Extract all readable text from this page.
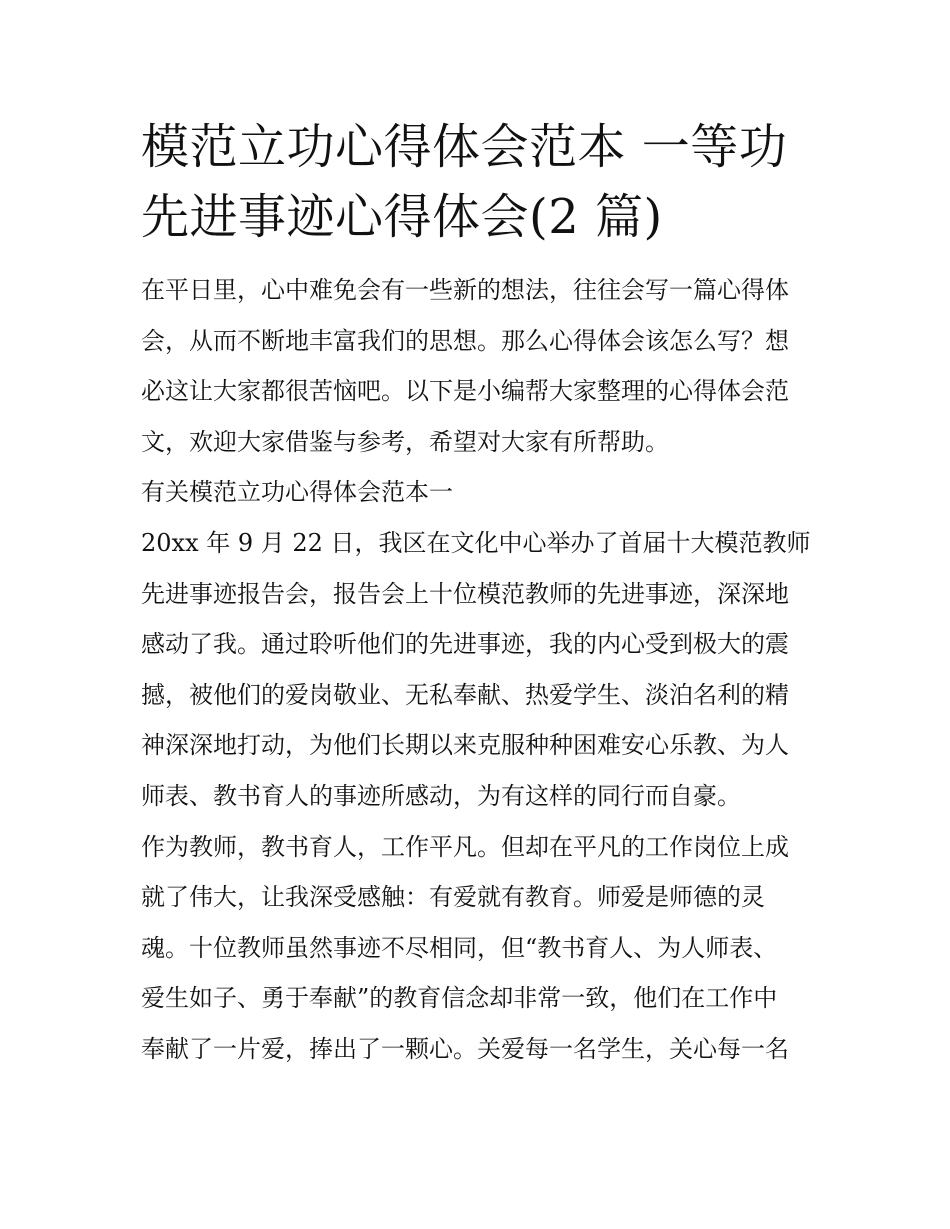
模范立功心得体会范本 一等功
先进事迹心得体会(2 篇)
在平日里，心中难免会有一些新的想法，往往会写一篇心得体
会，从而不断地丰富我们的思想。那么心得体会该怎么写？想
必这让大家都很苦恼吧。以下是小编帮大家整理的心得体会范
文，欢迎大家借鉴与参考，希望对大家有所帮助。
有关模范立功心得体会范本一
20xx 年 9 月 22 日，我区在文化中心举办了首届十大模范教师
先进事迹报告会，报告会上十位模范教师的先进事迹，深深地
感动了我。通过聆听他们的先进事迹，我的内心受到极大的震
撼，被他们的爱岗敬业、无私奉献、热爱学生、淡泊名利的精
神深深地打动，为他们长期以来克服种种困难安心乐教、为人
师表、教书育人的事迹所感动，为有这样的同行而自豪。
作为教师，教书育人，工作平凡。但却在平凡的工作岗位上成
就了伟大，让我深受感触：有爱就有教育。师爱是师德的灵
魂。十位教师虽然事迹不尽相同，但“教书育人、为人师表、
爱生如子、勇于奉献”的教育信念却非常一致，他们在工作中
奉献了一片爱，捧出了一颗心。关爱每一名学生，关心每一名
